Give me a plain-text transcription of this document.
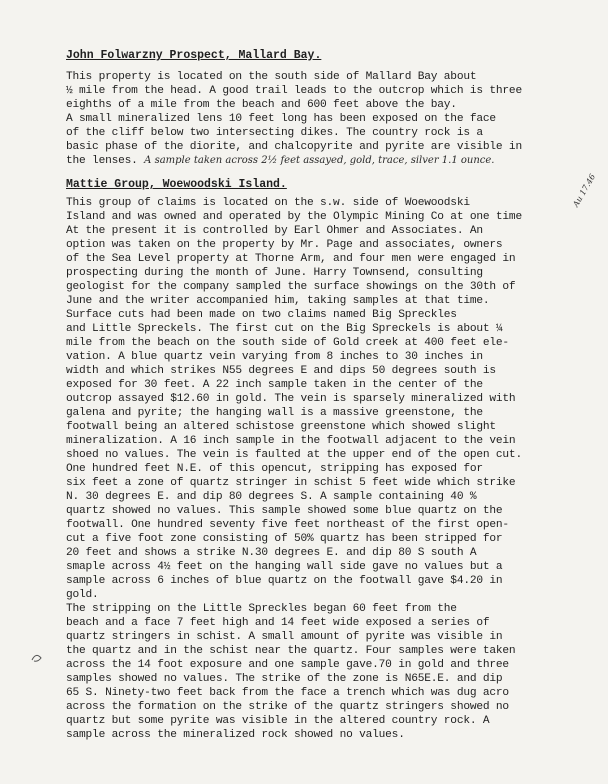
John Folwarzny Prospect, Mallard Bay.
This property is located on the south side of Mallard Bay about
½ mile from the head. A good trail leads to the outcrop which is three
eighths of a mile from the beach and 600 feet above the bay.
A small mineralized lens 10 feet long has been exposed on the face
of the cliff below two intersecting dikes. The country rock is a
basic phase of the diorite, and chalcopyrite and pyrite are visible in
the lenses. A sample taken across 2½ feet assayed, gold, trace, silver 1.1 ounce.
Mattie Group, Woewoodski Island.	Au 17.46
This group of claims is located on the s.w. side of Woewoodski
Island and was owned and operated by the Olympic Mining Co at one time
At the present it is controlled by Earl Ohmer and Associates. An
option was taken on the property by Mr. Page and associates, owners
of the Sea Level property at Thorne Arm, and four men were engaged in
prospecting during the month of June. Harry Townsend, consulting
geologist for the company sampled the surface showings on the 30th of
June and the writer accompanied him, taking samples at that time.
Surface cuts had been made on two claims named Big Spreckles
and Little Spreckels. The first cut on the Big Spreckels is about ¼
mile from the beach on the south side of Gold creek at 400 feet ele-
vation. A blue quartz vein varying from 8 inches to 30 inches in
width and which strikes N55 degrees E and dips 50 degrees south is
exposed for 30 feet. A 22 inch sample taken in the center of the
outcrop assayed $12.60 in gold. The vein is sparsely mineralized with
galena and pyrite; the hanging wall is a massive greenstone, the
footwall being an altered schistose greenstone which showed slight
mineralization. A 16 inch sample in the footwall adjacent to the vein
shoed no values. The vein is faulted at the upper end of the open cut.
One hundred feet N.E. of this opencut, stripping has exposed for
six feet a zone of quartz stringer in schist 5 feet wide which strike
N. 30 degrees E. and dip 80 degrees S. A sample containing 40 %
quartz showed no values. This sample showed some blue quartz on the
footwall. One hundred seventy five feet northeast of the first open-
cut a five foot zone consisting of 50% quartz has been stripped for
20 feet and shows a strike N.30 degrees E. and dip 80 S south A
smaple across 4½ feet on the hanging wall side gave no values but a
sample across 6 inches of blue quartz on the footwall gave $4.20 in
gold.
The stripping on the Little Spreckles began 60 feet from the
beach and a face 7 feet high and 14 feet wide exposed a series of
quartz stringers in schist. A small amount of pyrite was visible in
the quartz and in the schist near the quartz. Four samples were taken
across the 14 foot exposure and one sample gave.70 in gold and three
samples showed no values. The strike of the zone is N65E.E. and dip
65 S. Ninety-two feet back from the face a trench which was dug acro
across the formation on the strike of the quartz stringers showed no
quartz but some pyrite was visible in the altered country rock. A
sample across the mineralized rock showed no values.
